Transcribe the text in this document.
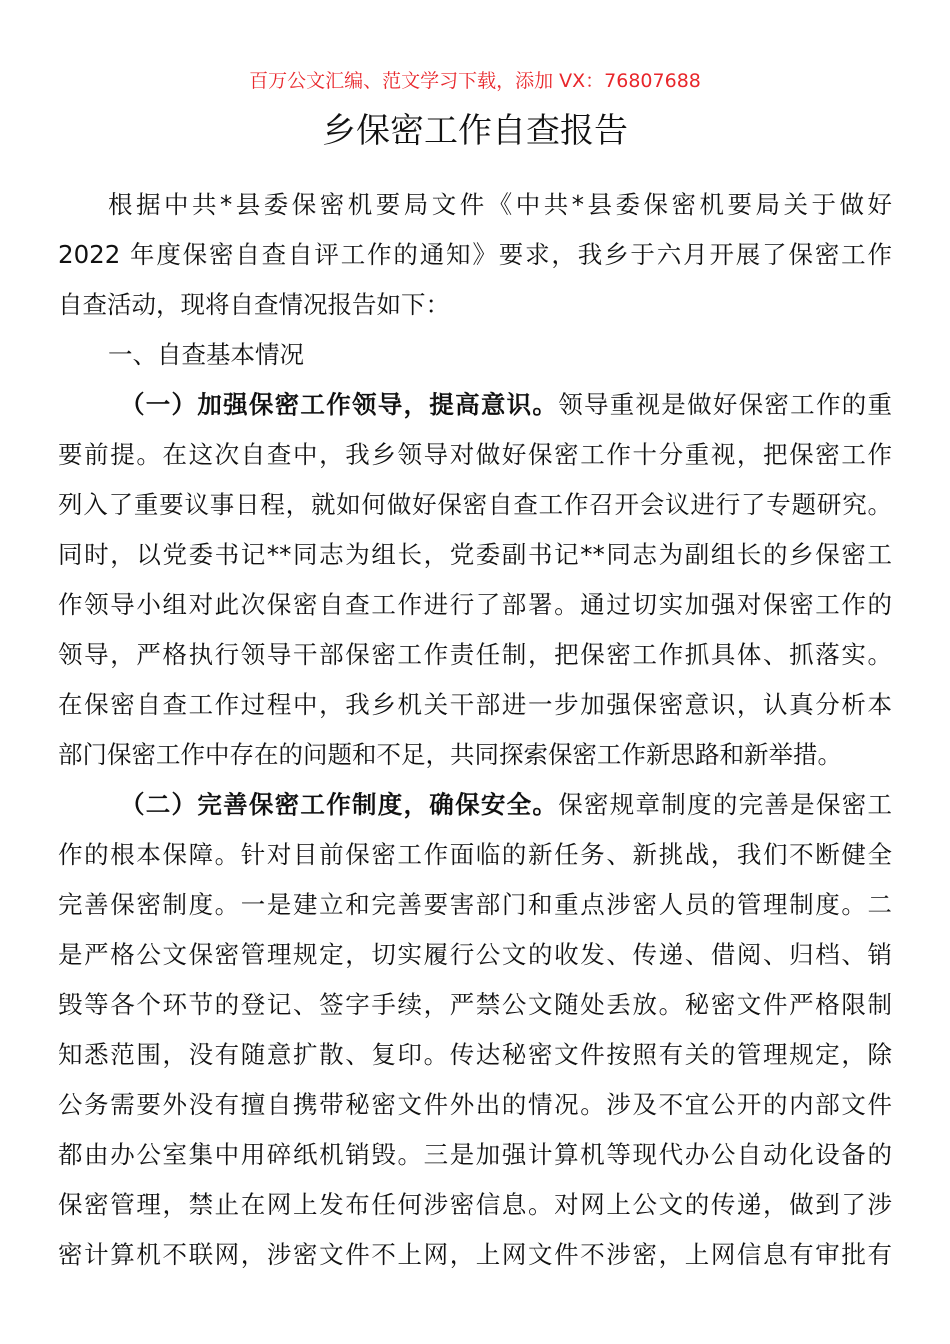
百万公文汇编、范文学习下载，添加 VX：76807688
乡保密工作自查报告
根据中共*县委保密机要局文件《中共*县委保密机要局关于做好
2022 年度保密自查自评工作的通知》要求，我乡于六月开展了保密工作
自查活动，现将自查情况报告如下：
一、自查基本情况
（一）加强保密工作领导，提高意识。领导重视是做好保密工作的重
要前提。在这次自查中，我乡领导对做好保密工作十分重视，把保密工作
列入了重要议事日程，就如何做好保密自查工作召开会议进行了专题研究。
同时，以党委书记**同志为组长，党委副书记**同志为副组长的乡保密工
作领导小组对此次保密自查工作进行了部署。通过切实加强对保密工作的
领导，严格执行领导干部保密工作责任制，把保密工作抓具体、抓落实。
在保密自查工作过程中，我乡机关干部进一步加强保密意识，认真分析本
部门保密工作中存在的问题和不足，共同探索保密工作新思路和新举措。
（二）完善保密工作制度，确保安全。保密规章制度的完善是保密工
作的根本保障。针对目前保密工作面临的新任务、新挑战，我们不断健全
完善保密制度。一是建立和完善要害部门和重点涉密人员的管理制度。二
是严格公文保密管理规定，切实履行公文的收发、传递、借阅、归档、销
毁等各个环节的登记、签字手续，严禁公文随处丢放。秘密文件严格限制
知悉范围，没有随意扩散、复印。传达秘密文件按照有关的管理规定，除
公务需要外没有擅自携带秘密文件外出的情况。涉及不宜公开的内部文件
都由办公室集中用碎纸机销毁。三是加强计算机等现代办公自动化设备的
保密管理，禁止在网上发布任何涉密信息。对网上公文的传递，做到了涉
密计算机不联网，涉密文件不上网，上网文件不涉密，上网信息有审批有
